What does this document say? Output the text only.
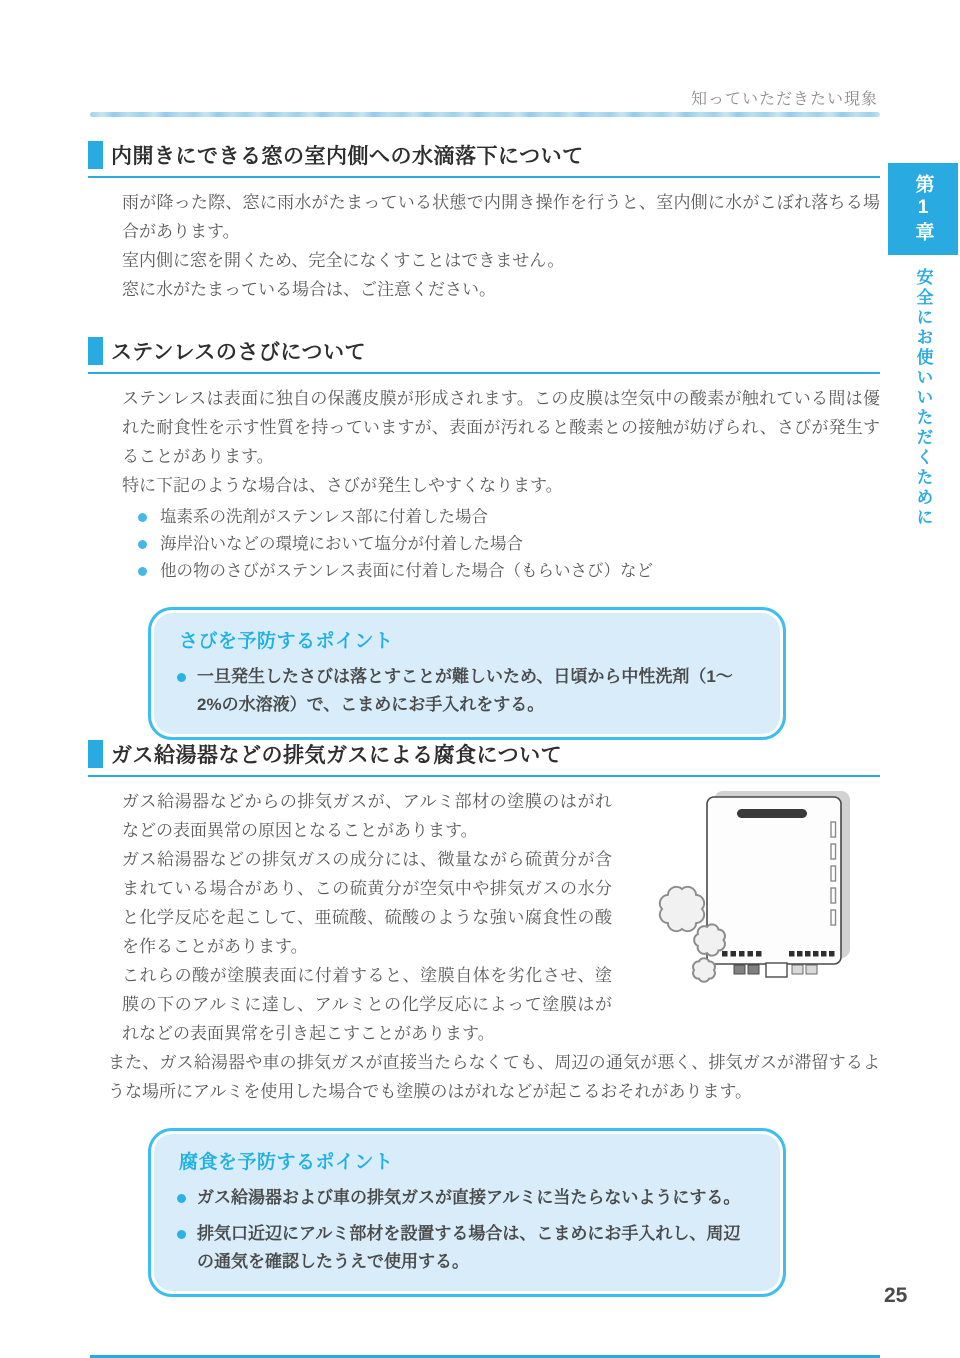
知っていただきたい現象
第1章
安全にお使いいただくために
内開きにできる窓の室内側への水滴落下について

雨が降った際、窓に雨水がたまっている状態で内開き操作を行うと、室内側に水がこぼれ落ちる場合があります。

室内側に窓を開くため、完全になくすことはできません。

窓に水がたまっている場合は、ご注意ください。

ステンレスのさびについて

ステンレスは表面に独自の保護皮膜が形成されます。この皮膜は空気中の酸素が触れている間は優れた耐食性を示す性質を持っていますが、表面が汚れると酸素との接触が妨げられ、さびが発生することがあります。

特に下記のような場合は、さびが発生しやすくなります。

塩素系の洗剤がステンレス部に付着した場合
海岸沿いなどの環境において塩分が付着した場合
他の物のさびがステンレス表面に付着した場合（もらいさび）など
さびを予防するポイント
一旦発生したさびは落とすことが難しいため、日頃から中性洗剤（1～2%の水溶液）で、こまめにお手入れをする。
ガス給湯器などの排気ガスによる腐食について

ガス給湯器などからの排気ガスが、アルミ部材の塗膜のはがれなどの表面異常の原因となることがあります。

ガス給湯器などの排気ガスの成分には、微量ながら硫黄分が含まれている場合があり、この硫黄分が空気中や排気ガスの水分と化学反応を起こして、亜硫酸、硫酸のような強い腐食性の酸を作ることがあります。

これらの酸が塗膜表面に付着すると、塗膜自体を劣化させ、塗膜の下のアルミに達し、アルミとの化学反応によって塗膜はがれなどの表面異常を引き起こすことがあります。

また、ガス給湯器や車の排気ガスが直接当たらなくても、周辺の通気が悪く、排気ガスが滞留するような場所にアルミを使用した場合でも塗膜のはがれなどが起こるおそれがあります。

腐食を予防するポイント
ガス給湯器および車の排気ガスが直接アルミに当たらないようにする。
排気口近辺にアルミ部材を設置する場合は、こまめにお手入れし、周辺の通気を確認したうえで使用する。
25
